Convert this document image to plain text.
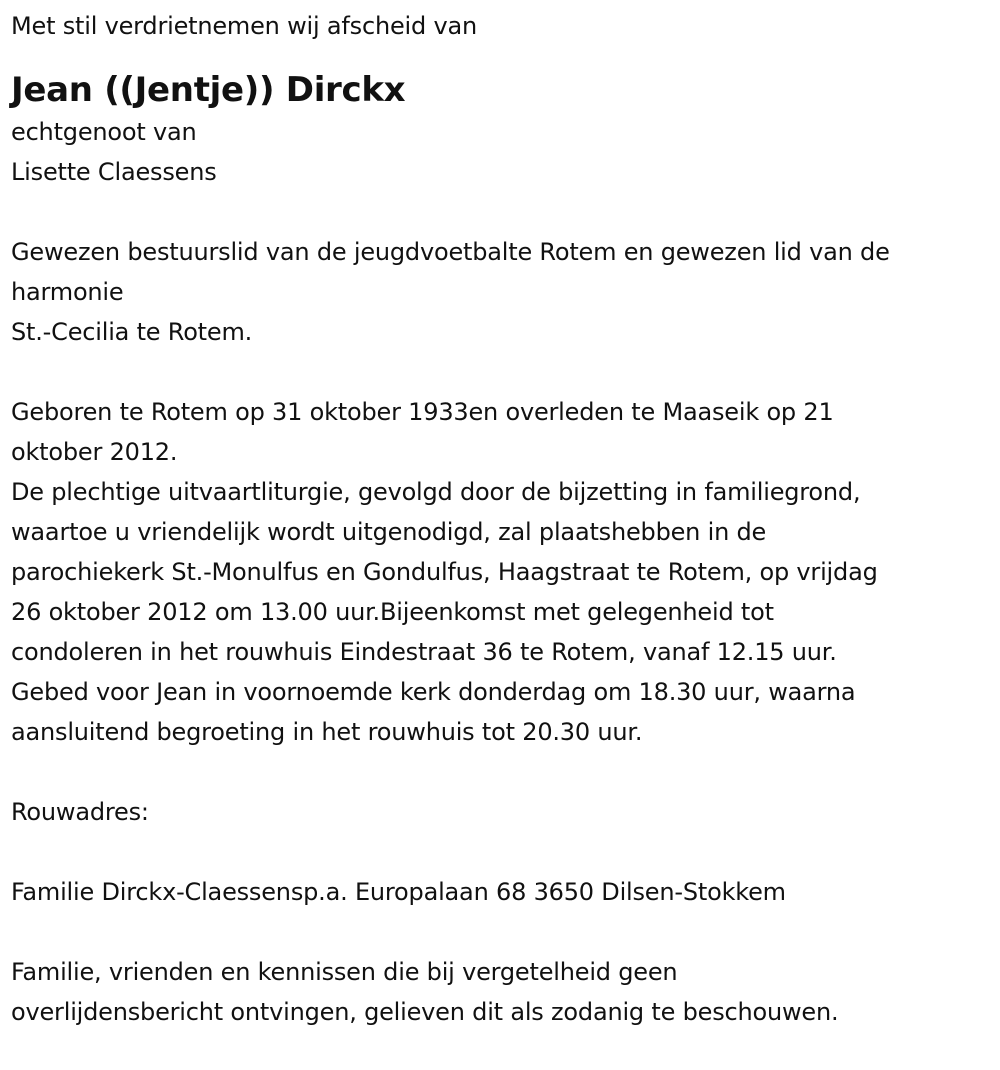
Met stil verdrietnemen wij afscheid van
Jean ((Jentje)) Dirckx
echtgenoot van
Lisette Claessens
Gewezen bestuurslid van de jeugdvoetbalte Rotem en gewezen lid van de
harmonie
St.-Cecilia te Rotem.
Geboren te Rotem op 31 oktober 1933en overleden te Maaseik op 21
oktober 2012.
De plechtige uitvaartliturgie, gevolgd door de bijzetting in familiegrond,
waartoe u vriendelijk wordt uitgenodigd, zal plaatshebben in de
parochiekerk St.-Monulfus en Gondulfus, Haagstraat te Rotem, op vrijdag
26 oktober 2012 om 13.00 uur.Bijeenkomst met gelegenheid tot
condoleren in het rouwhuis Eindestraat 36 te Rotem, vanaf 12.15 uur.
Gebed voor Jean in voornoemde kerk donderdag om 18.30 uur, waarna
aansluitend begroeting in het rouwhuis tot 20.30 uur.
Rouwadres:
Familie Dirckx-Claessensp.a. Europalaan 68 3650 Dilsen-Stokkem
Familie, vrienden en kennissen die bij vergetelheid geen
overlijdensbericht ontvingen, gelieven dit als zodanig te beschouwen.
